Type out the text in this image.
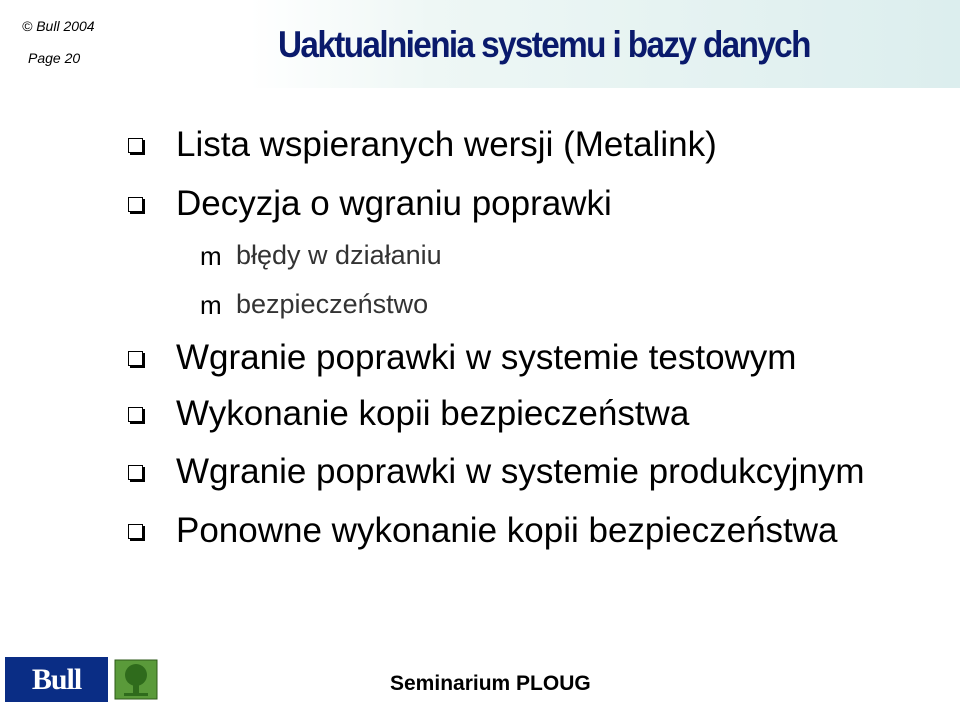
© Bull 2004
Page 20	Uaktualnienia systemu i bazy danych
Lista wspieranych wersji (Metalink)
Decyzja o wgraniu poprawki
m błędy w działaniu
m bezpieczeństwo
Wgranie poprawki w systemie testowym
Wykonanie kopii bezpieczeństwa
Wgranie poprawki w systemie produkcyjnym
Ponowne wykonanie kopii bezpieczeństwa
Bull	Seminarium PLOUG
